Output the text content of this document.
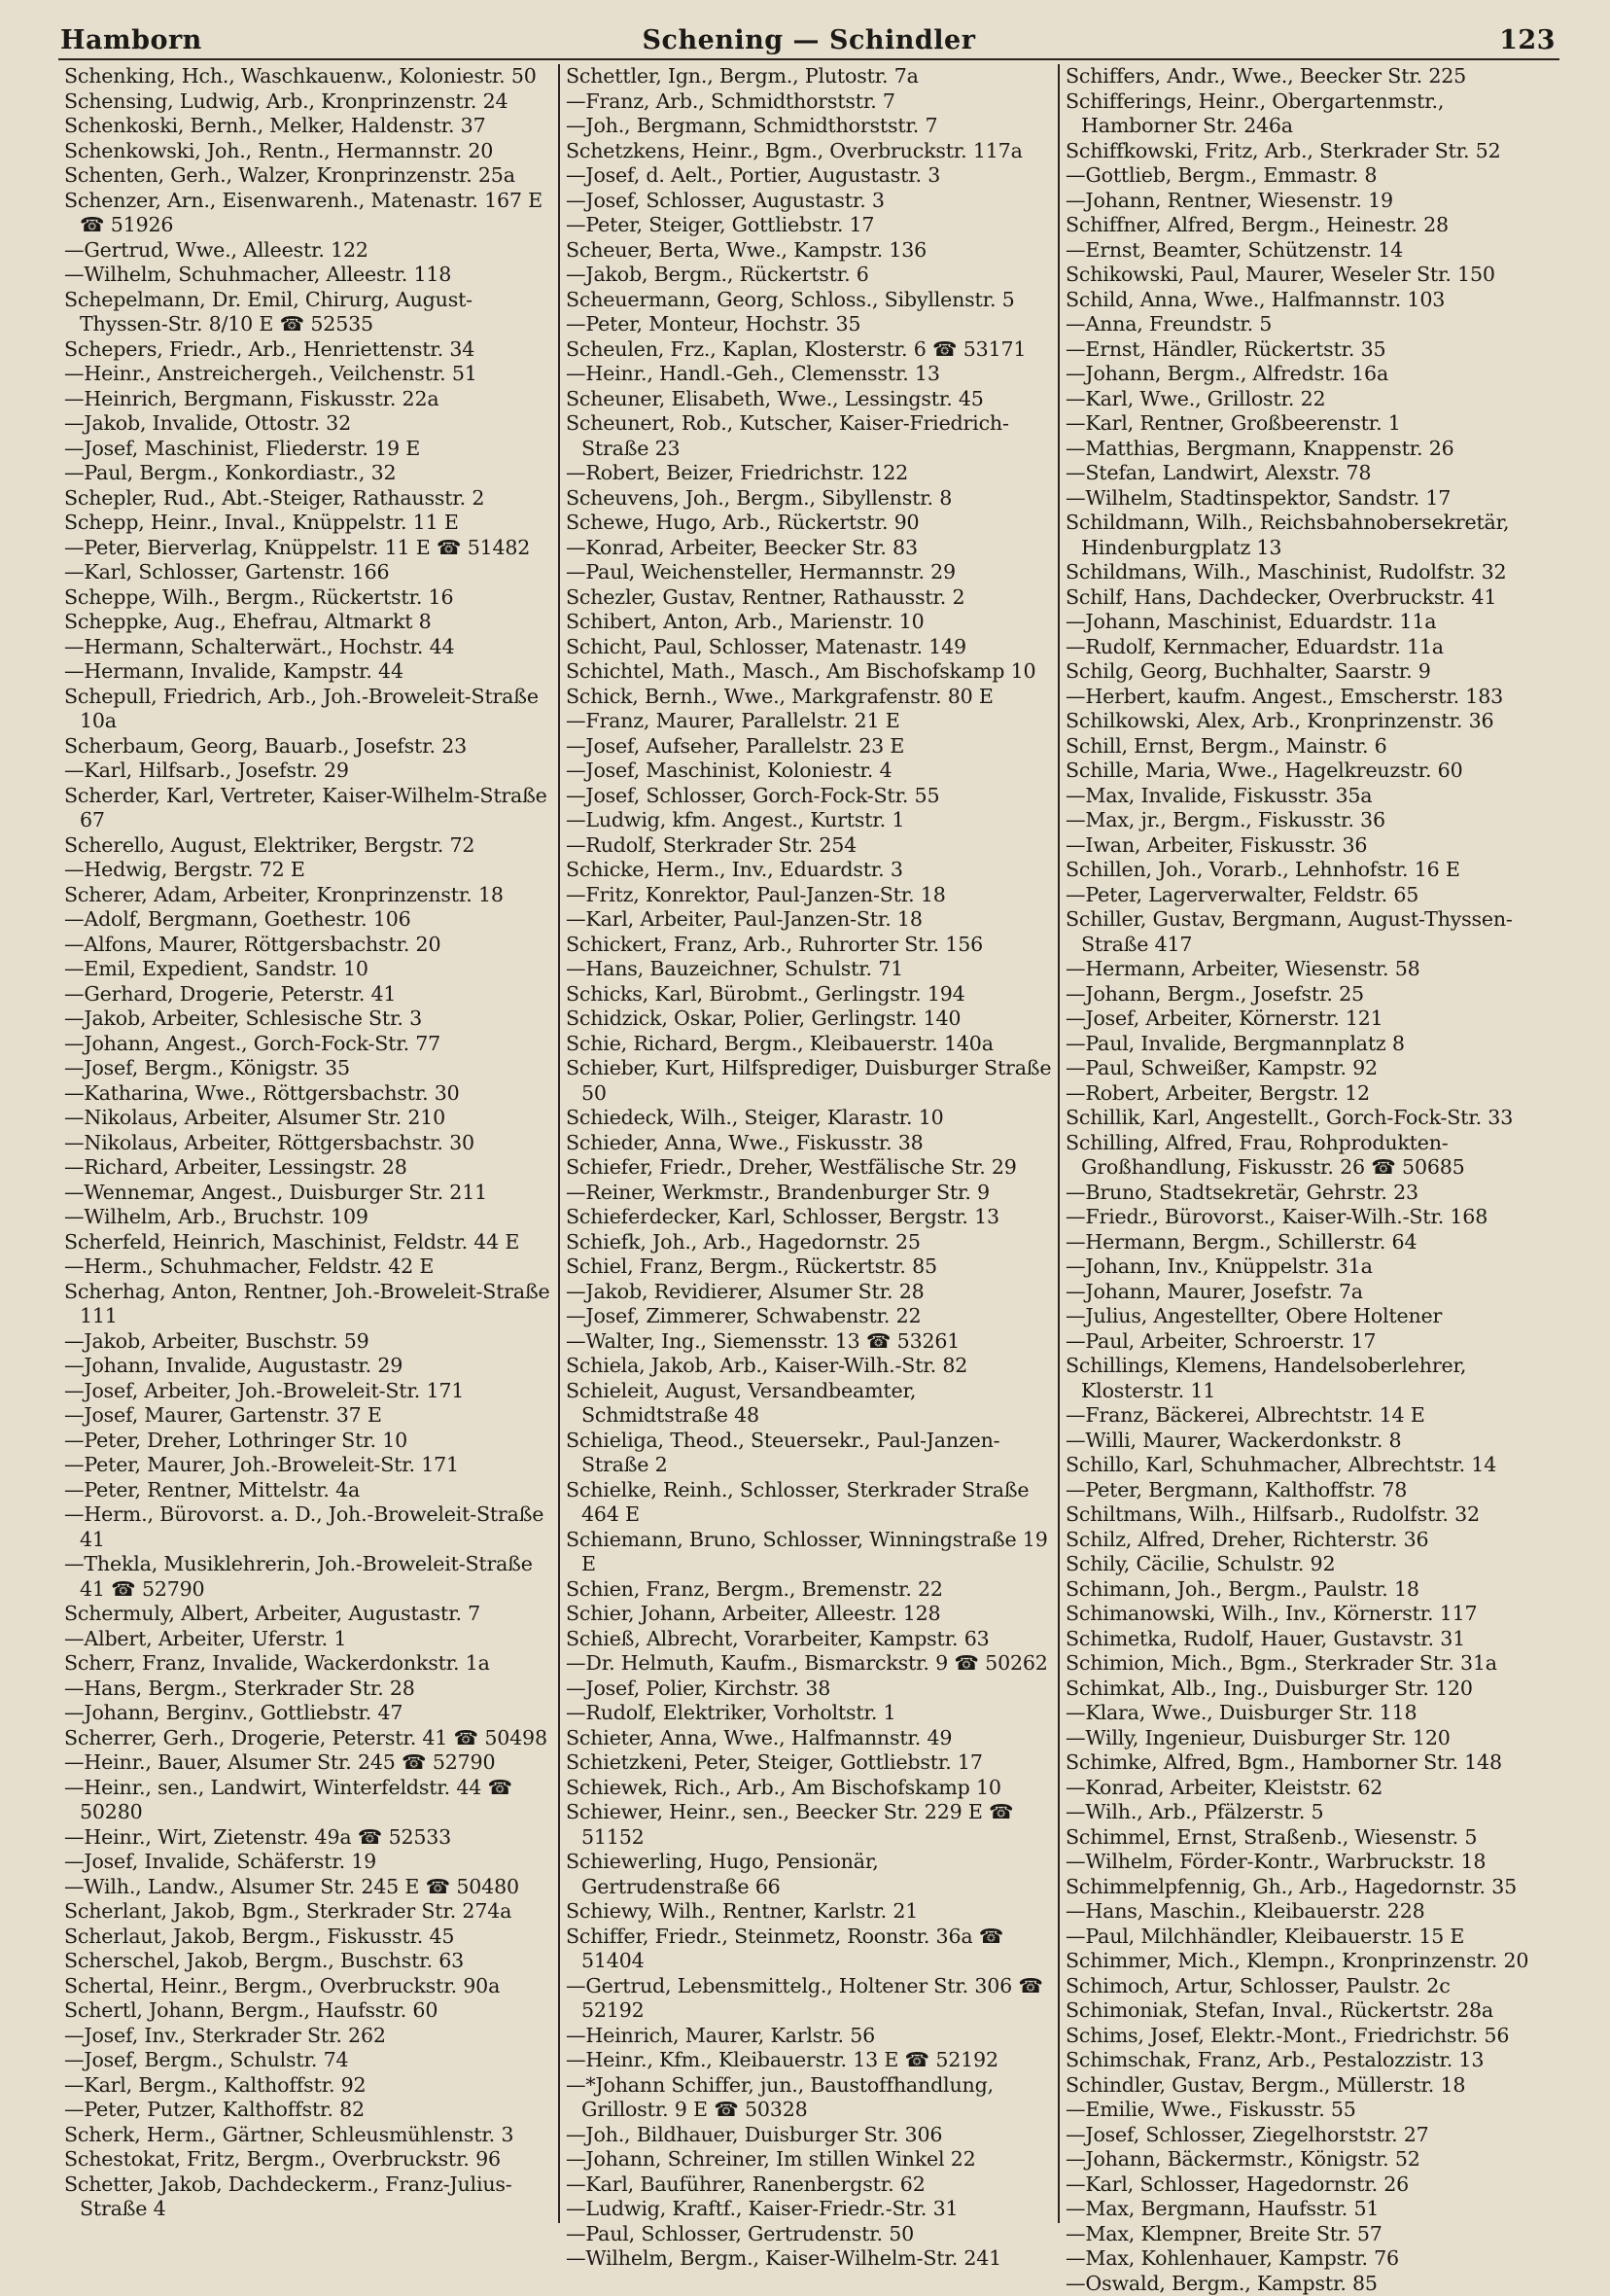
Hamborn	Schening — Schindler	123
Schenking, Hch., Waschkauenw., Koloniestr. 50
Schensing, Ludwig, Arb., Kronprinzenstr. 24
Schenkoski, Bernh., Melker, Haldenstr. 37
Schenkowski, Joh., Rentn., Hermannstr. 20
Schenten, Gerh., Walzer, Kronprinzenstr. 25a
Schenzer, Arn., Eisenwarenh., Matenastr. 167 E ☎ 51926
—Gertrud, Wwe., Alleestr. 122
—Wilhelm, Schuhmacher, Alleestr. 118
Schepelmann, Dr. Emil, Chirurg, August-Thyssen-Str. 8/10 E ☎ 52535
Schepers, Friedr., Arb., Henriettenstr. 34
—Heinr., Anstreichergeh., Veilchenstr. 51
—Heinrich, Bergmann, Fiskusstr. 22a
—Jakob, Invalide, Ottostr. 32
—Josef, Maschinist, Fliederstr. 19 E
—Paul, Bergm., Konkordiastr., 32
Schepler, Rud., Abt.-Steiger, Rathausstr. 2
Schepp, Heinr., Inval., Knüppelstr. 11 E
—Peter, Bierverlag, Knüppelstr. 11 E ☎ 51482
—Karl, Schlosser, Gartenstr. 166
Scheppe, Wilh., Bergm., Rückertstr. 16
Scheppke, Aug., Ehefrau, Altmarkt 8
—Hermann, Schalterwärt., Hochstr. 44
—Hermann, Invalide, Kampstr. 44
Schepull, Friedrich, Arb., Joh.-Broweleit-Straße 10a
Scherbaum, Georg, Bauarb., Josefstr. 23
—Karl, Hilfsarb., Josefstr. 29
Scherder, Karl, Vertreter, Kaiser-Wilhelm-Straße 67
Scherello, August, Elektriker, Bergstr. 72
—Hedwig, Bergstr. 72 E
Scherer, Adam, Arbeiter, Kronprinzenstr. 18
—Adolf, Bergmann, Goethestr. 106
—Alfons, Maurer, Röttgersbachstr. 20
—Emil, Expedient, Sandstr. 10
—Gerhard, Drogerie, Peterstr. 41
—Jakob, Arbeiter, Schlesische Str. 3
—Johann, Angest., Gorch-Fock-Str. 77
—Josef, Bergm., Königstr. 35
—Katharina, Wwe., Röttgersbachstr. 30
—Nikolaus, Arbeiter, Alsumer Str. 210
—Nikolaus, Arbeiter, Röttgersbachstr. 30
—Richard, Arbeiter, Lessingstr. 28
—Wennemar, Angest., Duisburger Str. 211
—Wilhelm, Arb., Bruchstr. 109
Scherfeld, Heinrich, Maschinist, Feldstr. 44 E
—Herm., Schuhmacher, Feldstr. 42 E
Scherhag, Anton, Rentner, Joh.-Broweleit-Straße 111
—Jakob, Arbeiter, Buschstr. 59
—Johann, Invalide, Augustastr. 29
—Josef, Arbeiter, Joh.-Broweleit-Str. 171
—Josef, Maurer, Gartenstr. 37 E
—Peter, Dreher, Lothringer Str. 10
—Peter, Maurer, Joh.-Broweleit-Str. 171
—Peter, Rentner, Mittelstr. 4a
—Herm., Bürovorst. a. D., Joh.-Broweleit-Straße 41
—Thekla, Musiklehrerin, Joh.-Broweleit-Straße 41 ☎ 52790
Schermuly, Albert, Arbeiter, Augustastr. 7
—Albert, Arbeiter, Uferstr. 1
Scherr, Franz, Invalide, Wackerdonkstr. 1a
—Hans, Bergm., Sterkrader Str. 28
—Johann, Berginv., Gottliebstr. 47
Scherrer, Gerh., Drogerie, Peterstr. 41 ☎ 50498
—Heinr., Bauer, Alsumer Str. 245 ☎ 52790
—Heinr., sen., Landwirt, Winterfeldstr. 44 ☎ 50280
—Heinr., Wirt, Zietenstr. 49a ☎ 52533
—Josef, Invalide, Schäferstr. 19
—Wilh., Landw., Alsumer Str. 245 E ☎ 50480
Scherlant, Jakob, Bgm., Sterkrader Str. 274a
Scherlaut, Jakob, Bergm., Fiskusstr. 45
Scherschel, Jakob, Bergm., Buschstr. 63
Schertal, Heinr., Bergm., Overbruckstr. 90a
Schertl, Johann, Bergm., Haufsstr. 60
—Josef, Inv., Sterkrader Str. 262
—Josef, Bergm., Schulstr. 74
—Karl, Bergm., Kalthoffstr. 92
—Peter, Putzer, Kalthoffstr. 82
Scherk, Herm., Gärtner, Schleusmühlenstr. 3
Schestokat, Fritz, Bergm., Overbruckstr. 96
Schetter, Jakob, Dachdeckerm., Franz-Julius-Straße 4
Schettler, Ign., Bergm., Plutostr. 7a
—Franz, Arb., Schmidthorststr. 7
—Joh., Bergmann, Schmidthorststr. 7
Schetzkens, Heinr., Bgm., Overbruckstr. 117a
—Josef, d. Aelt., Portier, Augustastr. 3
—Josef, Schlosser, Augustastr. 3
—Peter, Steiger, Gottliebstr. 17
Scheuer, Berta, Wwe., Kampstr. 136
—Jakob, Bergm., Rückertstr. 6
Scheuermann, Georg, Schloss., Sibyllenstr. 5
—Peter, Monteur, Hochstr. 35
Scheulen, Frz., Kaplan, Klosterstr. 6 ☎ 53171
—Heinr., Handl.-Geh., Clemensstr. 13
Scheuner, Elisabeth, Wwe., Lessingstr. 45
Scheunert, Rob., Kutscher, Kaiser-Friedrich-Straße 23
—Robert, Beizer, Friedrichstr. 122
Scheuvens, Joh., Bergm., Sibyllenstr. 8
Schewe, Hugo, Arb., Rückertstr. 90
—Konrad, Arbeiter, Beecker Str. 83
—Paul, Weichensteller, Hermannstr. 29
Schezler, Gustav, Rentner, Rathausstr. 2
Schibert, Anton, Arb., Marienstr. 10
Schicht, Paul, Schlosser, Matenastr. 149
Schichtel, Math., Masch., Am Bischofskamp 10
Schick, Bernh., Wwe., Markgrafenstr. 80 E
—Franz, Maurer, Parallelstr. 21 E
—Josef, Aufseher, Parallelstr. 23 E
—Josef, Maschinist, Koloniestr. 4
—Josef, Schlosser, Gorch-Fock-Str. 55
—Ludwig, kfm. Angest., Kurtstr. 1
—Rudolf, Sterkrader Str. 254
Schicke, Herm., Inv., Eduardstr. 3
—Fritz, Konrektor, Paul-Janzen-Str. 18
—Karl, Arbeiter, Paul-Janzen-Str. 18
Schickert, Franz, Arb., Ruhrorter Str. 156
—Hans, Bauzeichner, Schulstr. 71
Schicks, Karl, Bürobmt., Gerlingstr. 194
Schidzick, Oskar, Polier, Gerlingstr. 140
Schie, Richard, Bergm., Kleibauerstr. 140a
Schieber, Kurt, Hilfsprediger, Duisburger Straße 50
Schiedeck, Wilh., Steiger, Klarastr. 10
Schieder, Anna, Wwe., Fiskusstr. 38
Schiefer, Friedr., Dreher, Westfälische Str. 29
—Reiner, Werkmstr., Brandenburger Str. 9
Schieferdecker, Karl, Schlosser, Bergstr. 13
Schiefk, Joh., Arb., Hagedornstr. 25
Schiel, Franz, Bergm., Rückertstr. 85
—Jakob, Revidierer, Alsumer Str. 28
—Josef, Zimmerer, Schwabenstr. 22
—Walter, Ing., Siemensstr. 13 ☎ 53261
Schiela, Jakob, Arb., Kaiser-Wilh.-Str. 82
Schieleit, August, Versandbeamter, Schmidtstraße 48
Schieliga, Theod., Steuersekr., Paul-Janzen-Straße 2
Schielke, Reinh., Schlosser, Sterkrader Straße 464 E
Schiemann, Bruno, Schlosser, Winningstraße 19 E
Schien, Franz, Bergm., Bremenstr. 22
Schier, Johann, Arbeiter, Alleestr. 128
Schieß, Albrecht, Vorarbeiter, Kampstr. 63
—Dr. Helmuth, Kaufm., Bismarckstr. 9 ☎ 50262
—Josef, Polier, Kirchstr. 38
—Rudolf, Elektriker, Vorholtstr. 1
Schieter, Anna, Wwe., Halfmannstr. 49
Schietzkeni, Peter, Steiger, Gottliebstr. 17
Schiewek, Rich., Arb., Am Bischofskamp 10
Schiewer, Heinr., sen., Beecker Str. 229 E ☎ 51152
Schiewerling, Hugo, Pensionär, Gertrudenstraße 66
Schiewy, Wilh., Rentner, Karlstr. 21
Schiffer, Friedr., Steinmetz, Roonstr. 36a ☎ 51404
—Gertrud, Lebensmittelg., Holtener Str. 306 ☎ 52192
—Heinrich, Maurer, Karlstr. 56
—Heinr., Kfm., Kleibauerstr. 13 E ☎ 52192
—*Johann Schiffer, jun., Baustoffhandlung, Grillostr. 9 E ☎ 50328
—Joh., Bildhauer, Duisburger Str. 306
—Johann, Schreiner, Im stillen Winkel 22
—Karl, Bauführer, Ranenbergstr. 62
—Ludwig, Kraftf., Kaiser-Friedr.-Str. 31
—Paul, Schlosser, Gertrudenstr. 50
—Wilhelm, Bergm., Kaiser-Wilhelm-Str. 241
Schiffers, Andr., Wwe., Beecker Str. 225
Schifferings, Heinr., Obergartenmstr., Hamborner Str. 246a
Schiffkowski, Fritz, Arb., Sterkrader Str. 52
—Gottlieb, Bergm., Emmastr. 8
—Johann, Rentner, Wiesenstr. 19
Schiffner, Alfred, Bergm., Heinestr. 28
—Ernst, Beamter, Schützenstr. 14
Schikowski, Paul, Maurer, Weseler Str. 150
Schild, Anna, Wwe., Halfmannstr. 103
—Anna, Freundstr. 5
—Ernst, Händler, Rückertstr. 35
—Johann, Bergm., Alfredstr. 16a
—Karl, Wwe., Grillostr. 22
—Karl, Rentner, Großbeerenstr. 1
—Matthias, Bergmann, Knappenstr. 26
—Stefan, Landwirt, Alexstr. 78
—Wilhelm, Stadtinspektor, Sandstr. 17
Schildmann, Wilh., Reichsbahnobersekretär, Hindenburgplatz 13
Schildmans, Wilh., Maschinist, Rudolfstr. 32
Schilf, Hans, Dachdecker, Overbruckstr. 41
—Johann, Maschinist, Eduardstr. 11a
—Rudolf, Kernmacher, Eduardstr. 11a
Schilg, Georg, Buchhalter, Saarstr. 9
—Herbert, kaufm. Angest., Emscherstr. 183
Schilkowski, Alex, Arb., Kronprinzenstr. 36
Schill, Ernst, Bergm., Mainstr. 6
Schille, Maria, Wwe., Hagelkreuzstr. 60
—Max, Invalide, Fiskusstr. 35a
—Max, jr., Bergm., Fiskusstr. 36
—Iwan, Arbeiter, Fiskusstr. 36
Schillen, Joh., Vorarb., Lehnhofstr. 16 E
—Peter, Lagerverwalter, Feldstr. 65
Schiller, Gustav, Bergmann, August-Thyssen-Straße 417
—Hermann, Arbeiter, Wiesenstr. 58
—Johann, Bergm., Josefstr. 25
—Josef, Arbeiter, Körnerstr. 121
—Paul, Invalide, Bergmannplatz 8
—Paul, Schweißer, Kampstr. 92
—Robert, Arbeiter, Bergstr. 12
Schillik, Karl, Angestellt., Gorch-Fock-Str. 33
Schilling, Alfred, Frau, Rohprodukten-Großhandlung, Fiskusstr. 26 ☎ 50685
—Bruno, Stadtsekretär, Gehrstr. 23
—Friedr., Bürovorst., Kaiser-Wilh.-Str. 168
—Hermann, Bergm., Schillerstr. 64
—Johann, Inv., Knüppelstr. 31a
—Johann, Maurer, Josefstr. 7a
—Julius, Angestellter, Obere Holtener
—Paul, Arbeiter, Schroerstr. 17
Schillings, Klemens, Handelsoberlehrer, Klosterstr. 11
—Franz, Bäckerei, Albrechtstr. 14 E
—Willi, Maurer, Wackerdonkstr. 8
Schillo, Karl, Schuhmacher, Albrechtstr. 14
—Peter, Bergmann, Kalthoffstr. 78
Schiltmans, Wilh., Hilfsarb., Rudolfstr. 32
Schilz, Alfred, Dreher, Richterstr. 36
Schily, Cäcilie, Schulstr. 92
Schimann, Joh., Bergm., Paulstr. 18
Schimanowski, Wilh., Inv., Körnerstr. 117
Schimetka, Rudolf, Hauer, Gustavstr. 31
Schimion, Mich., Bgm., Sterkrader Str. 31a
Schimkat, Alb., Ing., Duisburger Str. 120
—Klara, Wwe., Duisburger Str. 118
—Willy, Ingenieur, Duisburger Str. 120
Schimke, Alfred, Bgm., Hamborner Str. 148
—Konrad, Arbeiter, Kleiststr. 62
—Wilh., Arb., Pfälzerstr. 5
Schimmel, Ernst, Straßenb., Wiesenstr. 5
—Wilhelm, Förder-Kontr., Warbruckstr. 18
Schimmelpfennig, Gh., Arb., Hagedornstr. 35
—Hans, Maschin., Kleibauerstr. 228
—Paul, Milchhändler, Kleibauerstr. 15 E
Schimmer, Mich., Klempn., Kronprinzenstr. 20
Schimoch, Artur, Schlosser, Paulstr. 2c
Schimoniak, Stefan, Inval., Rückertstr. 28a
Schims, Josef, Elektr.-Mont., Friedrichstr. 56
Schimschak, Franz, Arb., Pestalozzistr. 13
Schindler, Gustav, Bergm., Müllerstr. 18
—Emilie, Wwe., Fiskusstr. 55
—Josef, Schlosser, Ziegelhorststr. 27
—Johann, Bäckermstr., Königstr. 52
—Karl, Schlosser, Hagedornstr. 26
—Max, Bergmann, Haufsstr. 51
—Max, Klempner, Breite Str. 57
—Max, Kohlenhauer, Kampstr. 76
—Oswald, Bergm., Kampstr. 85
